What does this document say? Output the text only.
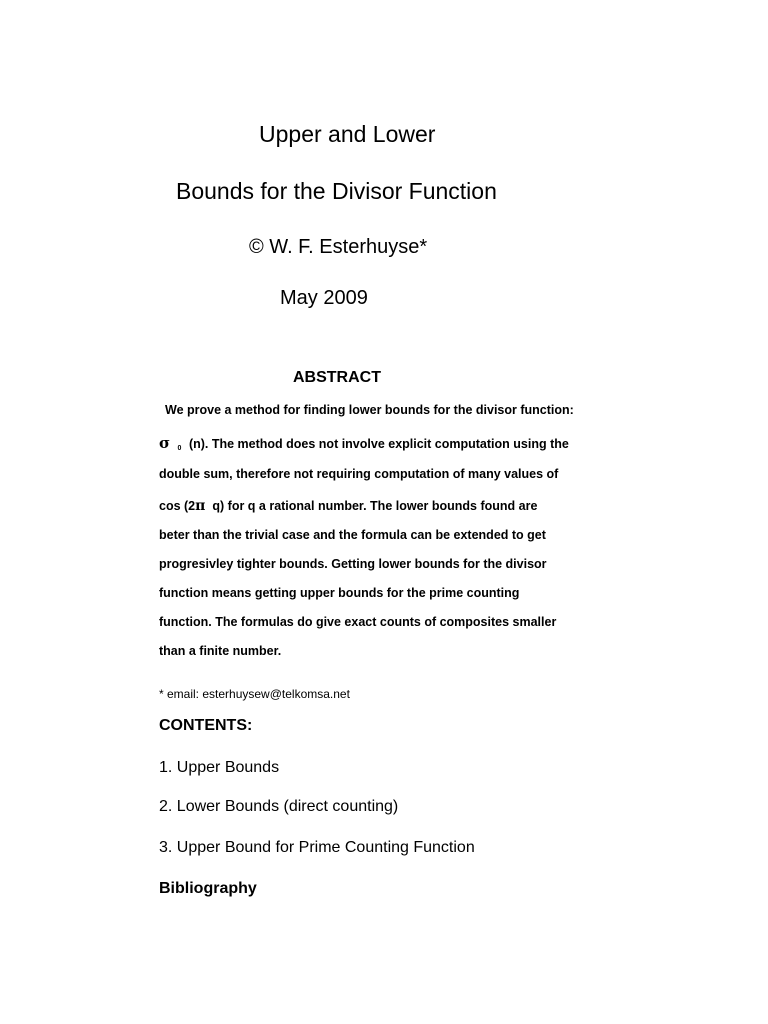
Upper and Lower
Bounds for the Divisor Function
© W. F. Esterhuyse*
May 2009
ABSTRACT
We prove a method for finding lower bounds for the divisor function:
σ $_0$ (n). The method does not involve explicit computation using the
double sum, therefore not requiring computation of many values of
cos (2π q) for q a rational number. The lower bounds found are
beter than the trivial case and the formula can be extended to get
progresivley tighter bounds. Getting lower bounds for the divisor
function means getting upper bounds for the prime counting
function. The formulas do give exact counts of composites smaller
than a finite number.
* email: esterhuysew@telkomsa.net
CONTENTS:
1. Upper Bounds
2. Lower Bounds (direct counting)
3. Upper Bound for Prime Counting Function
Bibliography
